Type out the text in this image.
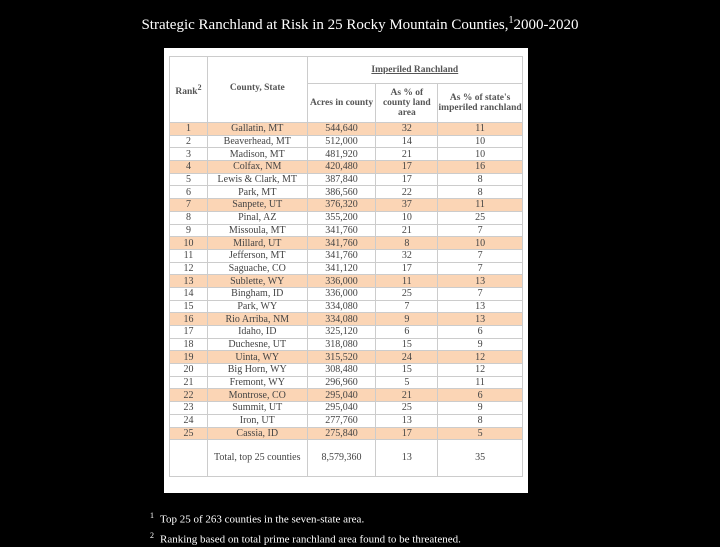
Strategic Ranchland at Risk in 25 Rocky Mountain Counties,$^1$2000-2020
Rank$^2$	County, State	Imperiled Ranchland		
		Acres in county	As % of county land area	As % of state's imperiled ranchland
1	Gallatin, MT	544,640	32	11
2	Beaverhead, MT	512,000	14	10
3	Madison, MT	481,920	21	10
4	Colfax, NM	420,480	17	16
5	Lewis & Clark, MT	387,840	17	8
6	Park, MT	386,560	22	8
7	Sanpete, UT	376,320	37	11
8	Pinal, AZ	355,200	10	25
9	Missoula, MT	341,760	21	7
10	Millard, UT	341,760	8	10
11	Jefferson, MT	341,760	32	7
12	Saguache, CO	341,120	17	7
13	Sublette, WY	336,000	11	13
14	Bingham, ID	336,000	25	7
15	Park, WY	334,080	7	13
16	Rio Arriba, NM	334,080	9	13
17	Idaho, ID	325,120	6	6
18	Duchesne, UT	318,080	15	9
19	Uinta, WY	315,520	24	12
20	Big Horn, WY	308,480	15	12
21	Fremont, WY	296,960	5	11
22	Montrose, CO	295,040	21	6
23	Summit, UT	295,040	25	9
24	Iron, UT	277,760	13	8
25	Cassia, ID	275,840	17	5
	Total, top 25 counties	8,579,360	13	35
$^1$ Top 25 of 263 counties in the seven-state area.
$^2$ Ranking based on total prime ranchland area found to be threatened.
